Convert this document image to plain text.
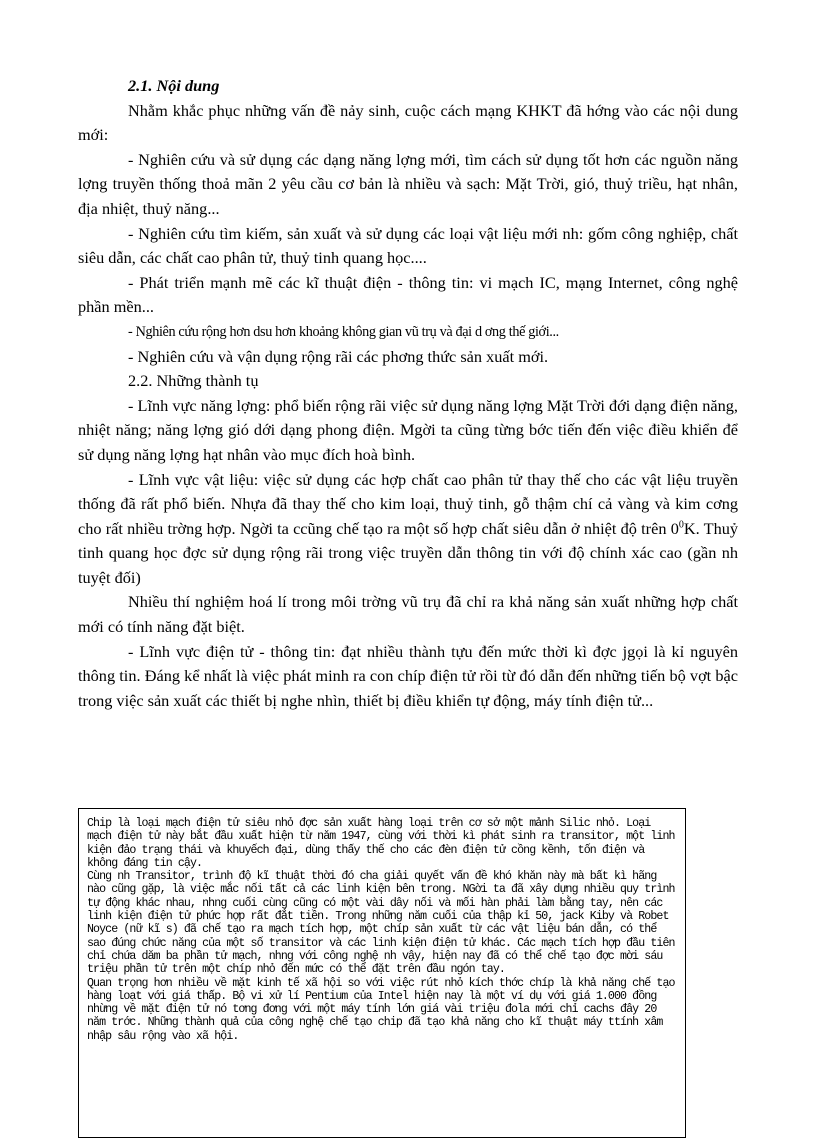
2.1. Nội dung

Nhằm khắc phục những vấn đề nảy sinh, cuộc cách mạng KHKT đã hớng vào các nội dung mới:

- Nghiên cứu và sử dụng các dạng năng lợng mới, tìm cách sử dụng tốt hơn các nguồn năng lợng truyền thống thoả mãn 2 yêu cầu cơ bản là nhiều và sạch: Mặt Trời, gió, thuỷ triều, hạt nhân, địa nhiệt, thuỷ năng...

- Nghiên cứu tìm kiếm, sản xuất và sử dụng các loại vật liệu mới nh: gốm công nghiệp, chất siêu dẫn, các chất cao phân tử, thuỷ tinh quang học....

- Phát triển mạnh mẽ các kĩ thuật điện - thông tin: vi mạch IC, mạng Internet, công nghệ phần mền...

- Nghiên cứu rộng hơn dsu hơn khoảng không gian vũ trụ và đại d ơng thế giới...

- Nghiên cứu và vận dụng rộng rãi các phơng thức sản xuất mới.

2.2. Những thành tụ

- Lĩnh vực năng lợng: phổ biến rộng rãi việc sử dụng năng lợng Mặt Trời đới dạng điện năng, nhiệt năng; năng lợng gió dới dạng phong điện. Mgời ta cũng từng bớc tiến đến việc điều khiển để sử dụng năng lợng hạt nhân vào mục đích hoà bình.

- Lĩnh vực vật liệu: việc sử dụng các hợp chất cao phân tử thay thế cho các vật liệu truyền thống đã rất phổ biến. Nhựa đã thay thế cho kim loại, thuỷ tinh, gỗ thậm chí cả vàng và kim cơng cho rất nhiều trờng hợp. Ngời ta ccũng chế tạo ra một số hợp chất siêu dẫn ở nhiệt độ trên $0^0K$. Thuỷ tinh quang học đợc sử dụng rộng rãi trong việc truyền dẫn thông tin với độ chính xác cao (gần nh tuyệt đối)

Nhiều thí nghiệm hoá lí trong môi trờng vũ trụ đã chỉ ra khả năng sản xuất những hợp chất mới có tính năng đặt biệt.

- Lĩnh vực điện tử - thông tin: đạt nhiều thành tựu đến mức thời kì đợc jgọi là kỉ nguyên thông tin. Đáng kể nhất là việc phát minh ra con chíp điện tử rồi từ đó dẫn đến những tiến bộ vợt bậc trong việc sản xuất các thiết bị nghe nhìn, thiết bị điều khiển tự động, máy tính điện tử...

Chip là loại mạch điện tử siêu nhỏ đợc sản xuất hàng loại trên cơ sở một mảnh Silic nhỏ. Loại mạch điện tử này bắt đầu xuất hiện từ năm 1947, cùng với thời kì phát sinh ra transitor, một linh kiện đảo trạng thái và khuyếch đại, dùng thấy thế cho các đèn điện tử cồng kềnh, tốn điện và không đáng tin cậy.

Cùng nh Transitor, trình độ kĩ thuật thời đó cha giải quyết vấn đề khó khăn này mà bất kì hãng nào cũng gặp, là việc mắc nối tất cả các linh kiện bên trong. NGời ta đã xây dựng nhiều quy trình tự động khác nhau, nhng cuối cùng cũng có một vài dây nối và mối hàn phải làm bằng tay, nên các linh kiện điện tử phức hợp rất đắt tiền. Trong những năm cuối của thập kỉ 50, jack Kiby và Robet Noyce (nữ kĩ s) đã chế tạo ra mạch tích hợp, một chíp sản xuất từ các vật liệu bán dẫn, có thể sao đúng chức năng của một số transitor và các linh kiện điện tử khác. Các mạch tích hợp đầu tiên chỉ chứa dăm ba phần tử mạch, nhng với công nghệ nh vậy, hiện nay đã có thể chế tạo đợc mời sáu triệu phần tử trên một chíp nhỏ đến mức có thể đặt trên đầu ngón tay.

Quan trọng hơn nhiều về mặt kinh tế xã hội so với việc rút nhỏ kích thớc chíp là khả năng chế tạo hàng loạt với giá thấp. Bộ vi xử lí Pentium của Intel hiện nay là một ví dụ với giá 1.000 đồng nhừng về mặt điện tử nó tơng đơng với một máy tính lớn giá vài triệu đola mới chỉ cachs đây 20 năm trớc. Những thành quả của công nghệ chế tạo chip đã tạo khả năng cho kĩ thuật máy ttính xâm nhập sâu rộng vào xã hội.
